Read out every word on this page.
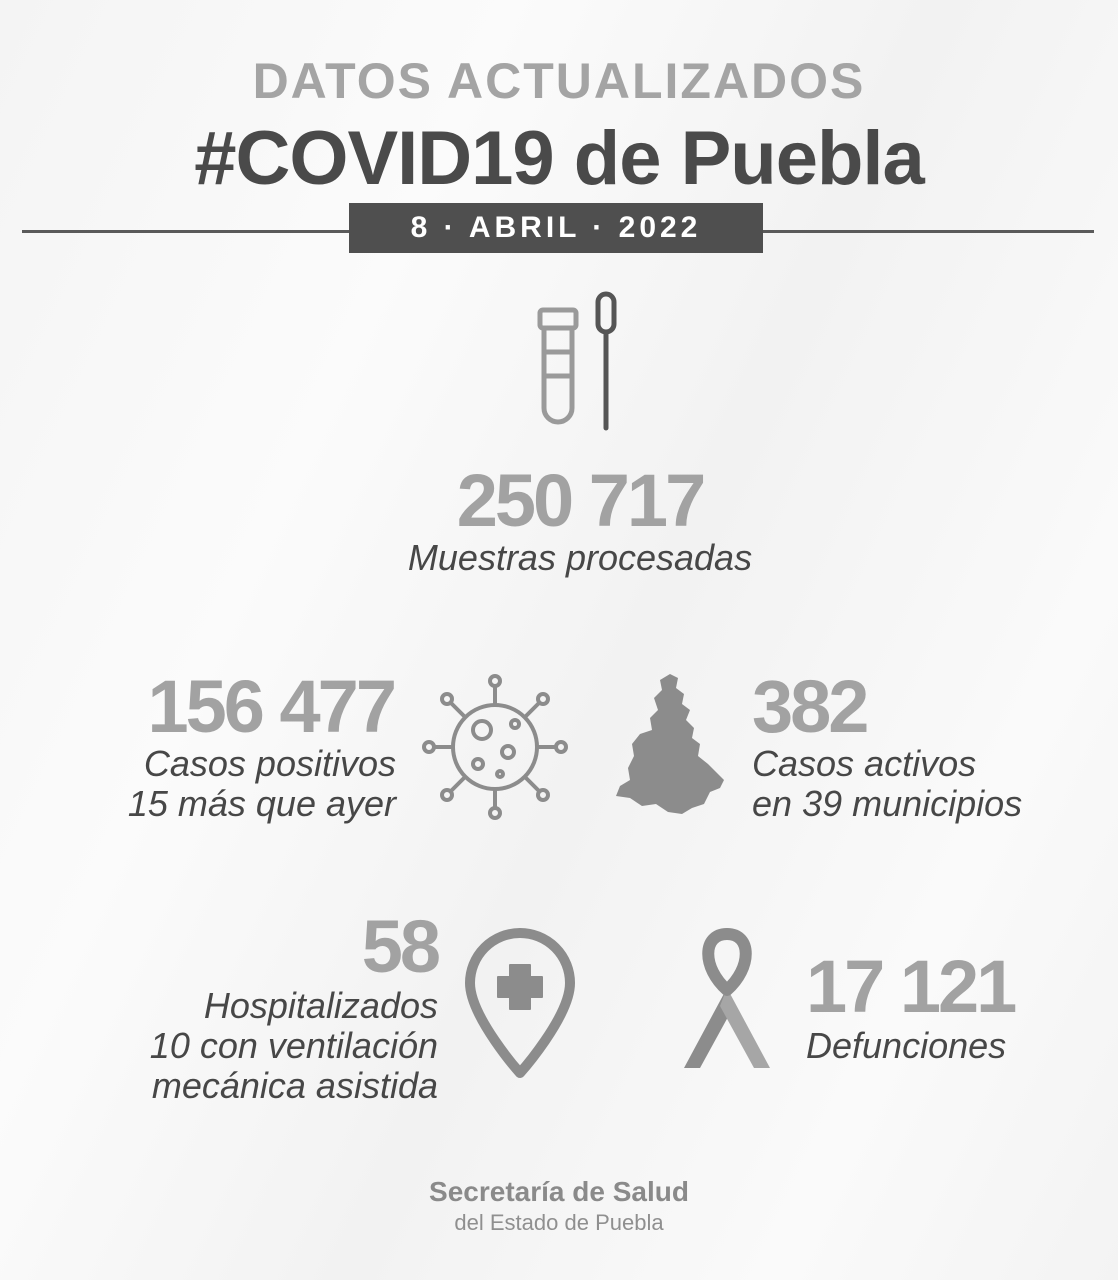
DATOS ACTUALIZADOS
#COVID19 de Puebla
8 · ABRIL · 2022
250 717
Muestras procesadas
156 477
Casos positivos
15 más que ayer
382
Casos activos
en 39 municipios
58
Hospitalizados
10 con ventilación
mecánica asistida
17 121
Defunciones
Secretaría de Salud
del Estado de Puebla
